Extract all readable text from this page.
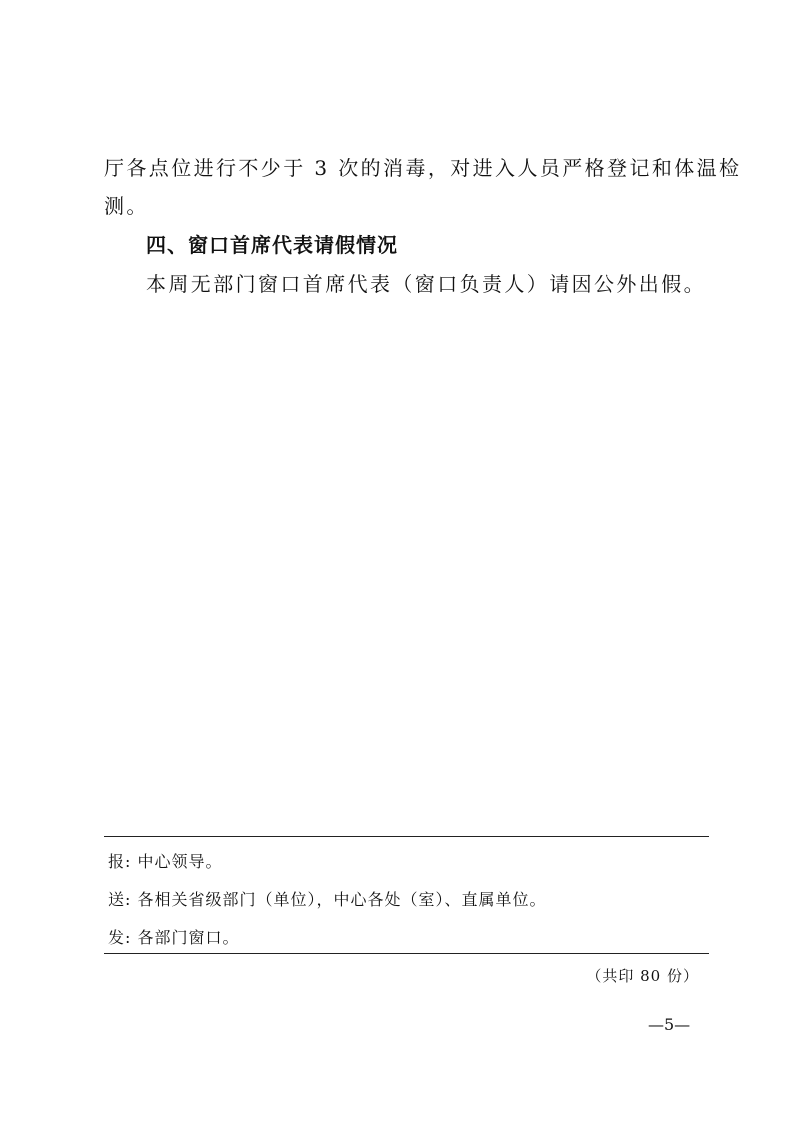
厅各点位进行不少于 3 次的消毒，对进入人员严格登记和体温检
测。
四、窗口首席代表请假情况
本周无部门窗口首席代表（窗口负责人）请因公外出假。
报: 中心领导。
送: 各相关省级部门（单位），中心各处（室）、直属单位。
发: 各部门窗口。
（共印 80 份）
—5—
